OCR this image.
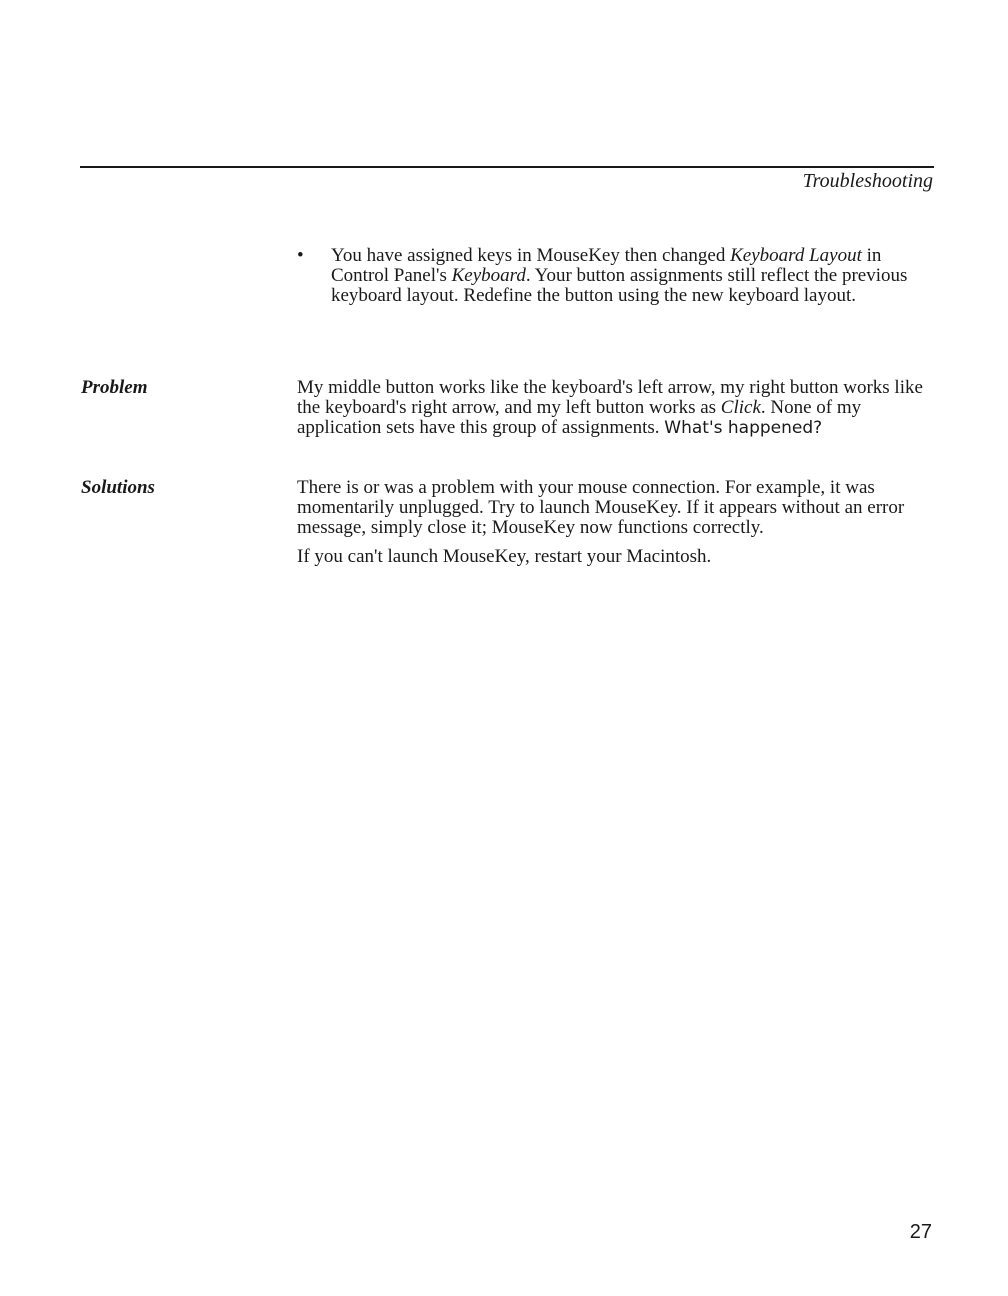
Troubleshooting
•	You have assigned keys in MouseKey then changed Keyboard Layout in Control Panel's Keyboard. Your button assignments still reflect the previous keyboard layout. Redefine the button using the new keyboard layout.
Problem	My middle button works like the keyboard's left arrow, my right button works like the keyboard's right arrow, and my left button works as Click. None of my application sets have this group of assignments. What's happened?

Solutions	There is or was a problem with your mouse connection. For example, it was momentarily unplugged. Try to launch MouseKey. If it appears without an error message, simply close it; MouseKey now functions correctly.

If you can't launch MouseKey, restart your Macintosh.

27
